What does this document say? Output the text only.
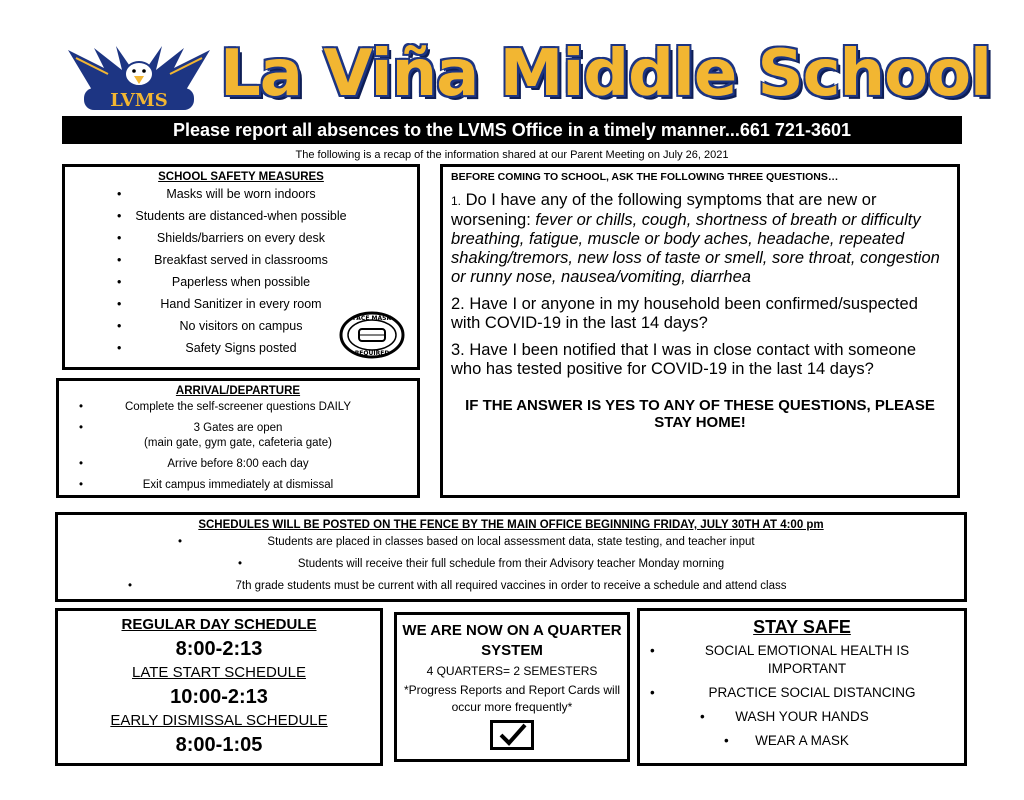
LVMS La Viña Middle School
Please report all absences to the LVMS Office in a timely manner...661 721-3601
The following is a recap of the information shared at our Parent Meeting on July 26, 2021
SCHOOL SAFETY MEASURES
• Masks will be worn indoors
• Students are distanced-when possible
• Shields/barriers on every desk
• Breakfast served in classrooms
• Paperless when possible
• Hand Sanitizer in every room
• No visitors on campus
• Safety Signs posted
FACE MASK
REQUIRED
ARRIVAL/DEPARTURE
• Complete the self-screener questions DAILY
• 3 Gates are open
(main gate, gym gate, cafeteria gate)
• Arrive before 8:00 each day
• Exit campus immediately at dismissal
BEFORE COMING TO SCHOOL, ASK THE FOLLOWING THREE QUESTIONS…

1. Do I have any of the following symptoms that are new or worsening: fever or chills, cough, shortness of breath or difficulty breathing, fatigue, muscle or body aches, headache, repeated shaking/tremors, new loss of taste or smell, sore throat, congestion or runny nose, nausea/vomiting, diarrhea

2. Have I or anyone in my household been confirmed/suspected with COVID-19 in the last 14 days?

3. Have I been notified that I was in close contact with someone who has tested positive for COVID-19 in the last 14 days?

IF THE ANSWER IS YES TO ANY OF THESE QUESTIONS, PLEASE STAY HOME!

SCHEDULES WILL BE POSTED ON THE FENCE BY THE MAIN OFFICE BEGINNING FRIDAY, JULY 30TH AT 4:00 pm
• Students are placed in classes based on local assessment data, state testing, and teacher input
• Students will receive their full schedule from their Advisory teacher Monday morning
• 7th grade students must be current with all required vaccines in order to receive a schedule and attend class
REGULAR DAY SCHEDULE
8:00-2:13
LATE START SCHEDULE
10:00-2:13
EARLY DISMISSAL SCHEDULE
8:00-1:05
WE ARE NOW ON A QUARTER SYSTEM
4 QUARTERS= 2 SEMESTERS
*Progress Reports and Report Cards will occur more frequently*
STAY SAFE
• SOCIAL EMOTIONAL HEALTH IS IMPORTANT
• PRACTICE SOCIAL DISTANCING
• WASH YOUR HANDS
• WEAR A MASK
